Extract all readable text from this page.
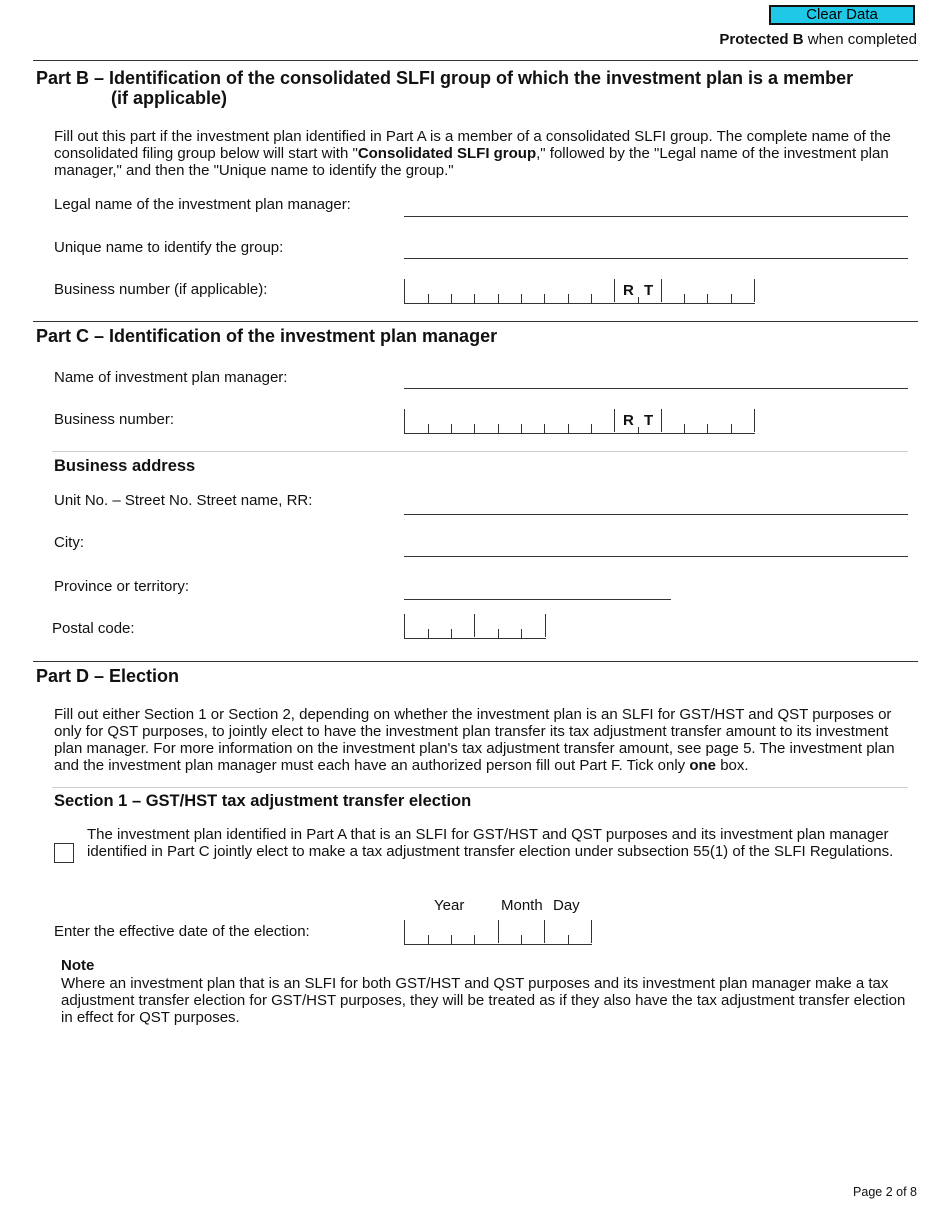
Clear Data
Protected B when completed
Part B – Identification of the consolidated SLFI group of which the investment plan is a member
(if applicable)
Fill out this part if the investment plan identified in Part A is a member of a consolidated SLFI group. The complete name of the consolidated filing group below will start with "Consolidated SLFI group," followed by the "Legal name of the investment plan manager," and then the "Unique name to identify the group."
Legal name of the investment plan manager:
Unique name to identify the group:
Business number (if applicable):	R T
Part C – Identification of the investment plan manager
Name of investment plan manager:
Business number:	R T
Business address
Unit No. – Street No. Street name, RR:
City:
Province or territory:
Postal code:
Part D – Election
Fill out either Section 1 or Section 2, depending on whether the investment plan is an SLFI for GST/HST and QST purposes or only for QST purposes, to jointly elect to have the investment plan transfer its tax adjustment transfer amount to its investment plan manager. For more information on the investment plan's tax adjustment transfer amount, see page 5. The investment plan and the investment plan manager must each have an authorized person fill out Part F. Tick only one box.
Section 1 – GST/HST tax adjustment transfer election
The investment plan identified in Part A that is an SLFI for GST/HST and QST purposes and its investment plan manager identified in Part C jointly elect to make a tax adjustment transfer election under subsection 55(1) of the SLFI Regulations.
Year Month Day
Enter the effective date of the election:
Note
Where an investment plan that is an SLFI for both GST/HST and QST purposes and its investment plan manager make a tax adjustment transfer election for GST/HST purposes, they will be treated as if they also have the tax adjustment transfer election in effect for QST purposes.
Page 2 of 8
